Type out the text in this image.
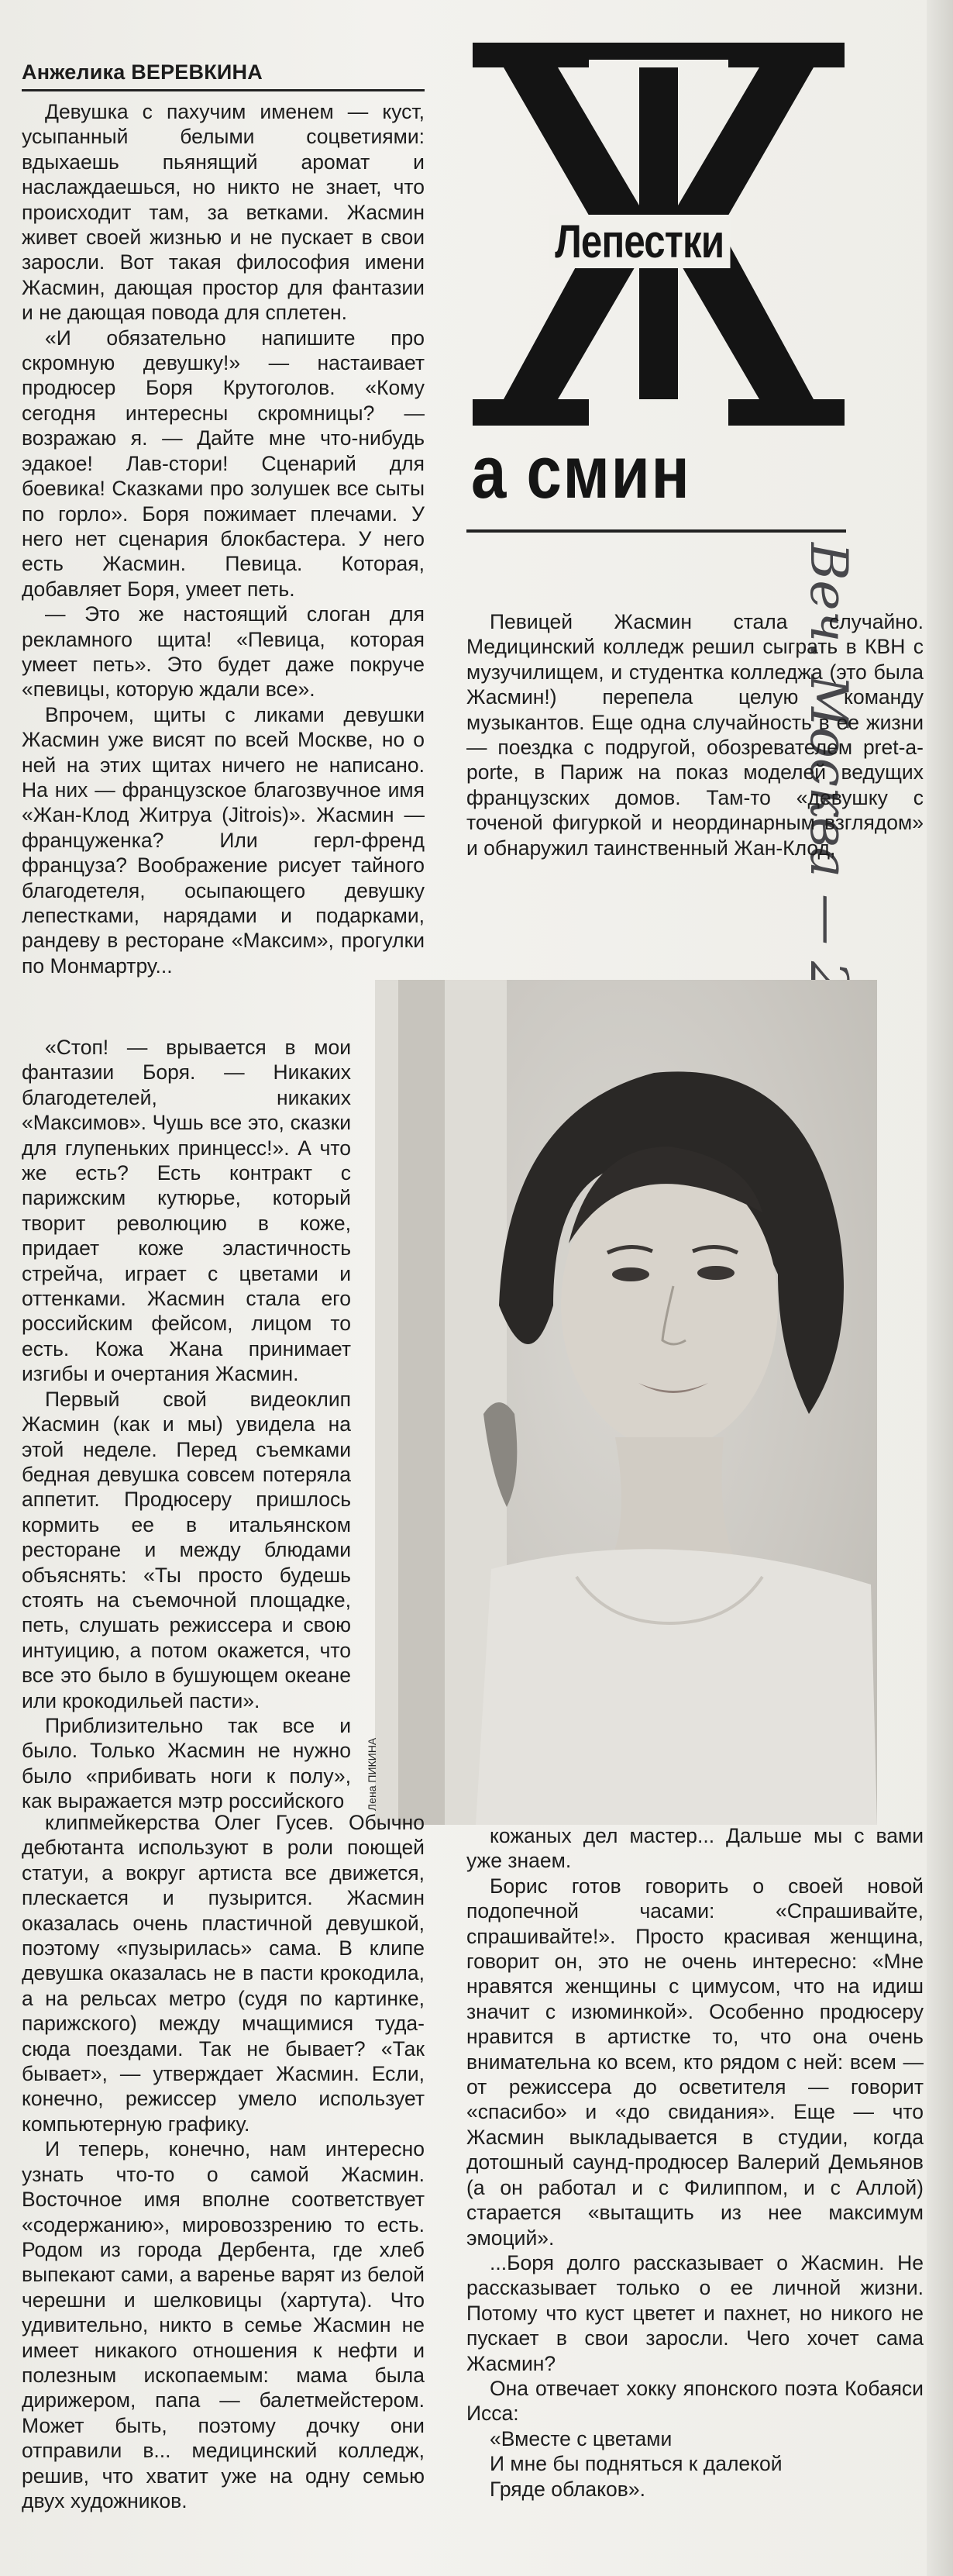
Анжелика ВЕРЕВКИНА
Лепестки
а смин

Девушка с пахучим именем — куст, усыпанный белыми соцветиями: вдыхаешь пьянящий аромат и наслаждаешься, но никто не знает, что происходит там, за ветками. Жасмин живет своей жизнью и не пускает в свои заросли. Вот такая философия имени Жасмин, дающая простор для фантазии и не дающая повода для сплетен.

«И обязательно напишите про скромную девушку!» — настаивает продюсер Боря Крутоголов. «Кому сегодня интересны скромницы? — возражаю я. — Дайте мне что-нибудь эдакое! Лав-стори! Сценарий для боевика! Сказками про золушек все сыты по горло». Боря пожимает плечами. У него нет сценария блокбастера. У него есть Жасмин. Певица. Которая, добавляет Боря, умеет петь.

— Это же настоящий слоган для рекламного щита! «Певица, которая умеет петь». Это будет даже покруче «певицы, которую ждали все».

Впрочем, щиты с ликами девушки Жасмин уже висят по всей Москве, но о ней на этих щитах ничего не написано. На них — французское благозвучное имя «Жан-Клод Житруа (Jitrois)». Жасмин — француженка? Или герл-френд француза? Воображение рисует тайного благодетеля, осыпающего девушку лепестками, нарядами и подарками, рандеву в ресторане «Максим», прогулки по Монмартру...

Певицей Жасмин стала случайно. Медицинский колледж решил сыграть в КВН с музучилищем, и студентка колледжа (это была Жасмин!) перепела целую команду музыкантов. Еще одна случайность в ее жизни — поездка с подругой, обозревателем pret-a-porte, в Париж на показ моделей ведущих французских домов. Там-то «девушку с точеной фигуркой и неординарным взглядом» и обнаружил таинственный Жан-Клод,

Лена ПИКИНА

«Стоп! — врывается в мои фантазии Боря. — Никаких благодетелей, никаких «Максимов». Чушь все это, сказки для глупеньких принцесс!». А что же есть? Есть контракт с парижским кутюрье, который творит революцию в коже, придает коже эластичность стрейча, играет с цветами и оттенками. Жасмин стала его российским фейсом, лицом то есть. Кожа Жана принимает изгибы и очертания Жасмин.

Первый свой видеоклип Жасмин (как и мы) увидела на этой неделе. Перед съемками бедная девушка совсем потеряла аппетит. Продюсеру пришлось кормить ее в итальянском ресторане и между блюдами объяснять: «Ты просто будешь стоять на съемочной площадке, петь, слушать режиссера и свою интуицию, а потом окажется, что все это было в бушующем океане или крокодильей пасти».

Приблизительно так все и было. Только Жасмин не нужно было «прибивать ноги к полу», как выражается мэтр российского

клипмейкерства Олег Гусев. Обычно дебютанта используют в роли поющей статуи, а вокруг артиста все движется, плескается и пузырится. Жасмин оказалась очень пластичной девушкой, поэтому «пузырилась» сама. В клипе девушка оказалась не в пасти крокодила, а на рельсах метро (судя по картинке, парижского) между мчащимися туда-сюда поездами. Так не бывает? «Так бывает», — утверждает Жасмин. Если, конечно, режиссер умело использует компьютерную графику.

И теперь, конечно, нам интересно узнать что-то о самой Жасмин. Восточное имя вполне соответствует «содержанию», мировоззрению то есть. Родом из города Дербента, где хлеб выпекают сами, а варенье варят из белой черешни и шелковицы (хартута). Что удивительно, никто в семье Жасмин не имеет никакого отношения к нефти и полезным ископаемым: мама была дирижером, папа — балетмейстером. Может быть, поэтому дочку они отправили в... медицинский колледж, решив, что хватит уже на одну семью двух художников.

кожаных дел мастер... Дальше мы с вами уже знаем.

Борис готов говорить о своей новой подопечной часами: «Спрашивайте, спрашивайте!». Просто красивая женщина, говорит он, это не очень интересно: «Мне нравятся женщины с цимусом, что на идиш значит с изюминкой». Особенно продюсеру нравится в артистке то, что она очень внимательна ко всем, кто рядом с ней: всем — от режиссера до осветителя — говорит «спасибо» и «до свидания». Еще — что Жасмин выкладывается в студии, когда дотошный саунд-продюсер Валерий Демьянов (а он работал и с Филиппом, и с Аллой) старается «вытащить из нее максимум эмоций».

...Боря долго рассказывает о Жасмин. Не рассказывает только о ее личной жизни. Потому что куст цветет и пахнет, но никого не пускает в свои заросли. Чего хочет сама Жасмин?

Она отвечает хокку японского поэта Кобаяси Исса:

«Вместе с цветами

И мне бы подняться к далекой

Гряде облаков».
